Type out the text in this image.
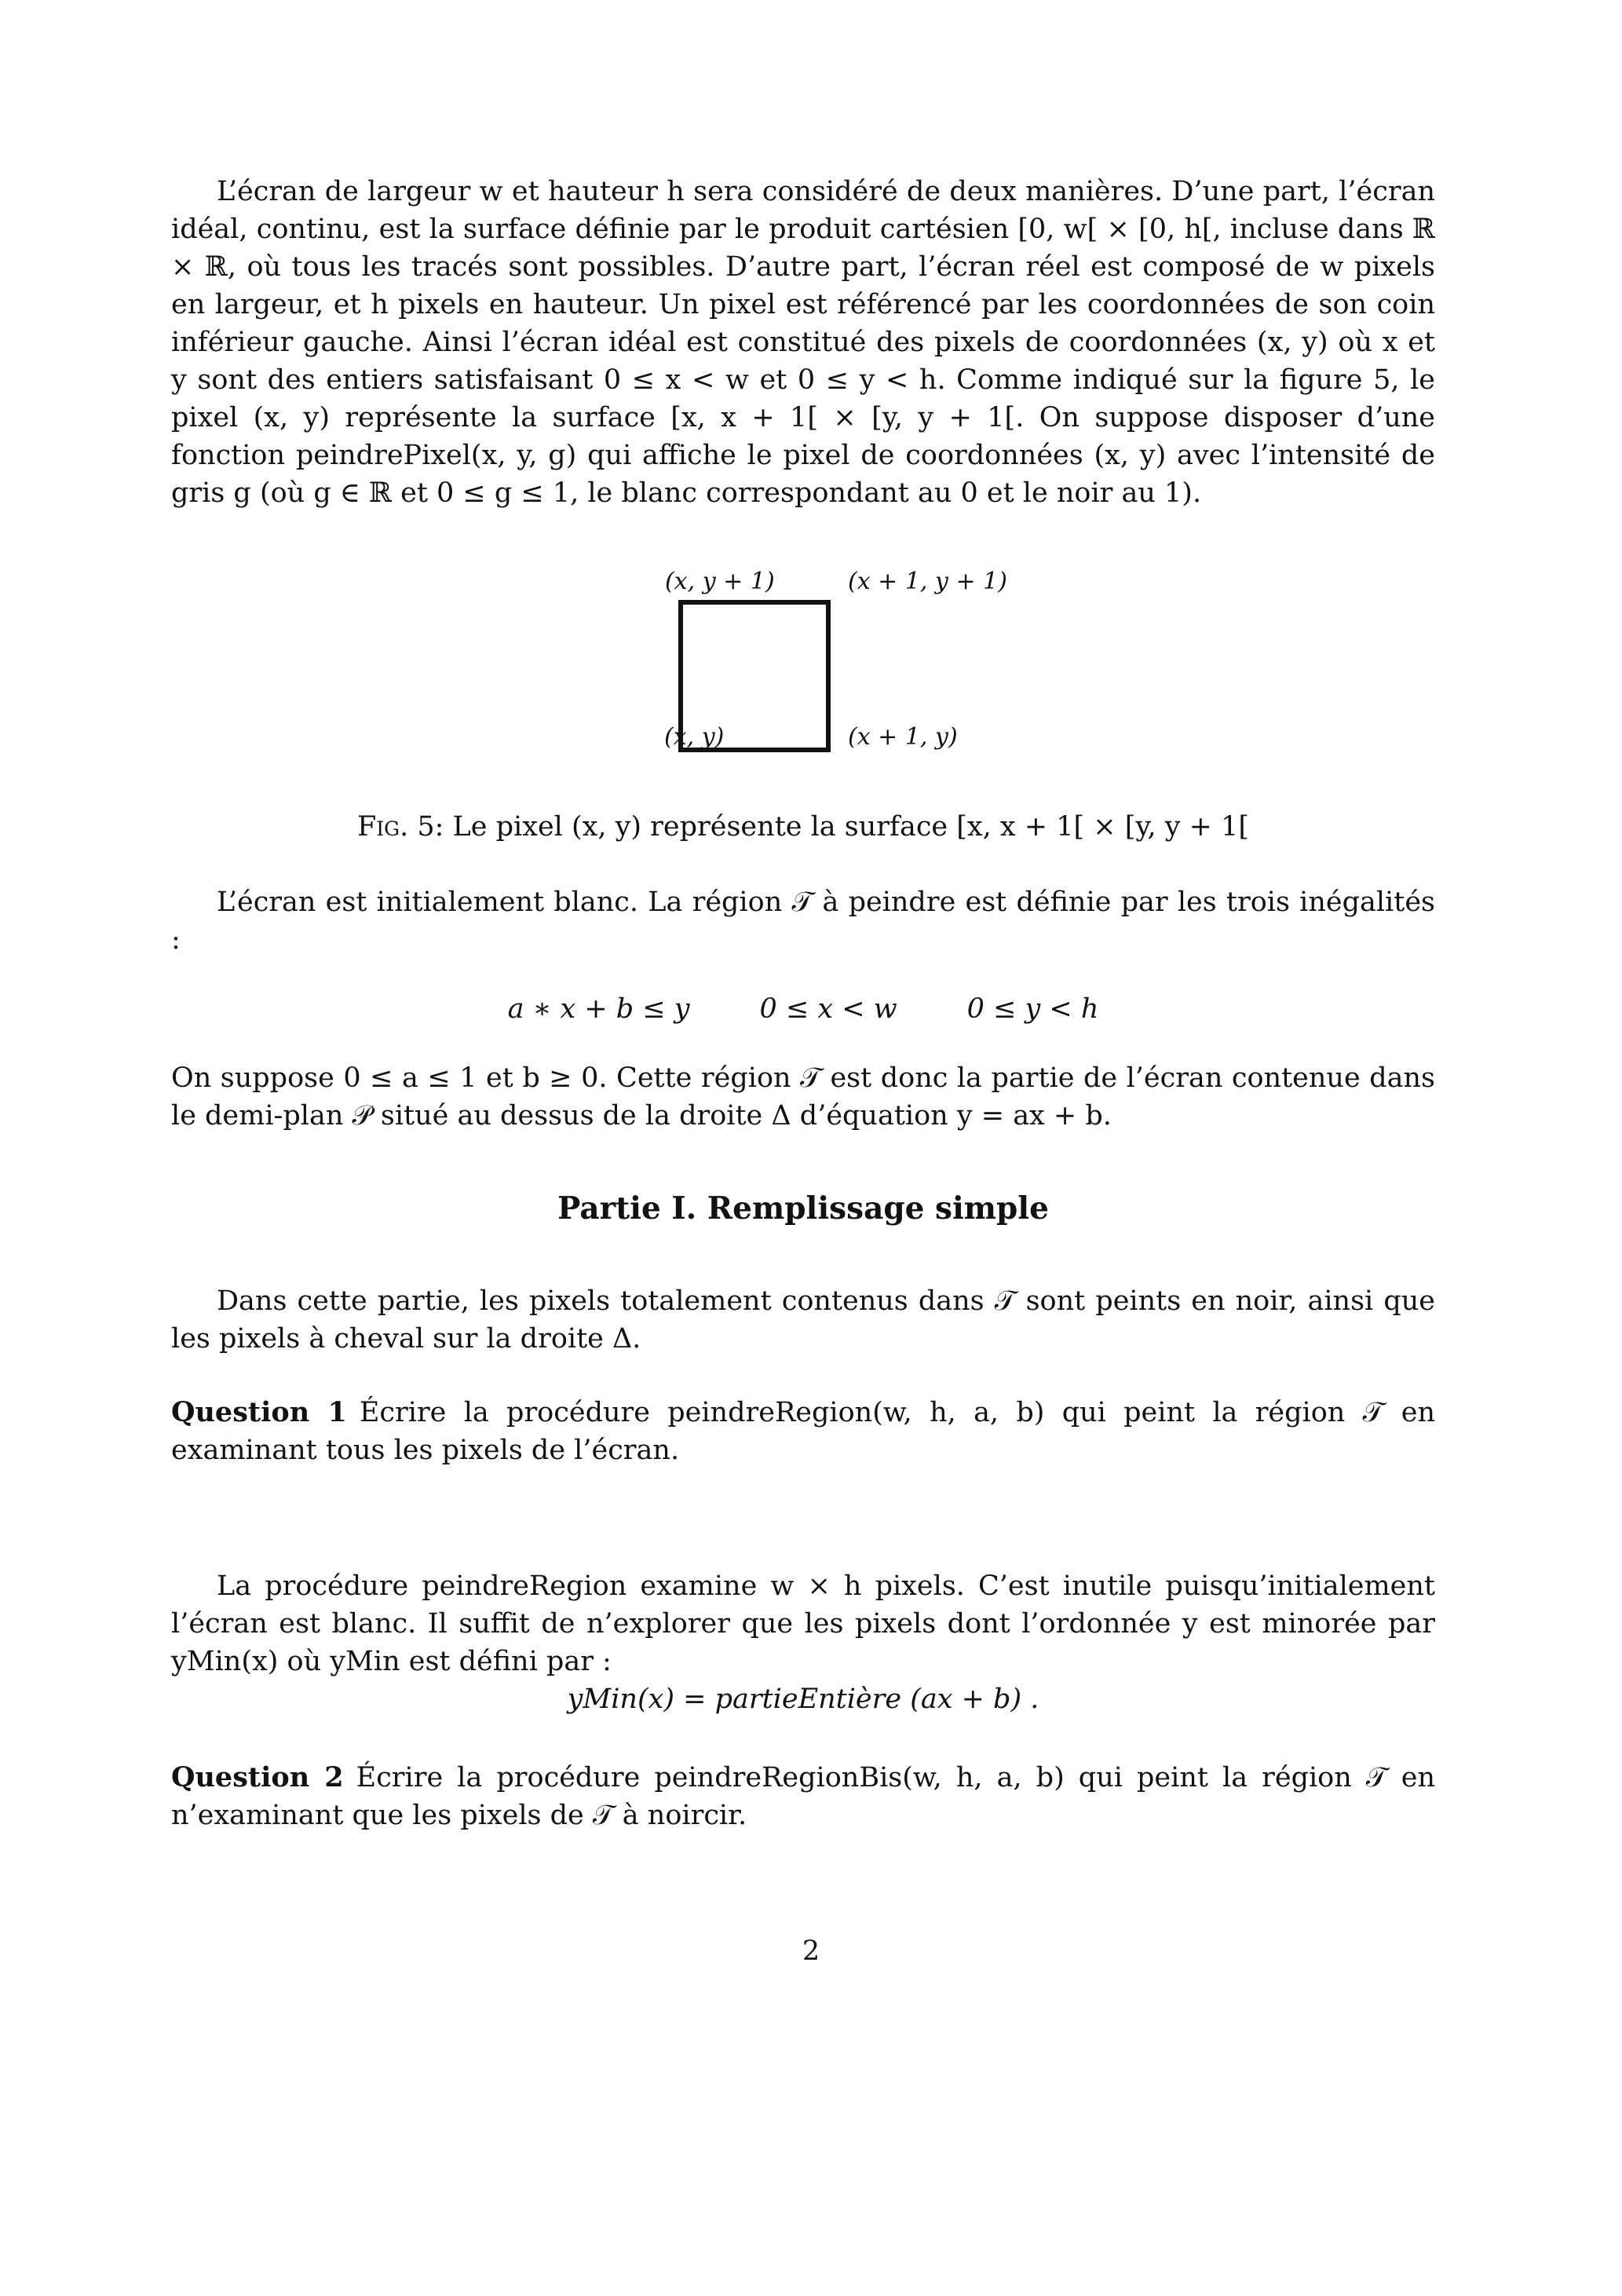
L’écran de largeur w et hauteur h sera considéré de deux manières. D’une part, l’écran idéal, continu, est la surface définie par le produit cartésien [0, w[ × [0, h[, incluse dans ℝ × ℝ, où tous les tracés sont possibles. D’autre part, l’écran réel est composé de w pixels en largeur, et h pixels en hauteur. Un pixel est référencé par les coordonnées de son coin inférieur gauche. Ainsi l’écran idéal est constitué des pixels de coordonnées (x, y) où x et y sont des entiers satisfaisant 0 ≤ x < w et 0 ≤ y < h. Comme indiqué sur la figure 5, le pixel (x, y) représente la surface [x, x + 1[ × [y, y + 1[. On suppose disposer d’une fonction peindrePixel(x, y, g) qui affiche le pixel de coordonnées (x, y) avec l’intensité de gris g (où g ∈ ℝ et 0 ≤ g ≤ 1, le blanc correspondant au 0 et le noir au 1).

(x, y + 1)	(x + 1, y + 1)
(x, y)	(x + 1, y)

Fig. 5: Le pixel (x, y) représente la surface [x, x + 1[ × [y, y + 1[

L’écran est initialement blanc. La région 𝒯 à peindre est définie par les trois inégalités :

a ∗ x + b ≤ y        0 ≤ x < w        0 ≤ y < h

On suppose 0 ≤ a ≤ 1 et b ≥ 0. Cette région 𝒯 est donc la partie de l’écran contenue dans le demi-plan 𝒫 situé au dessus de la droite Δ d’équation y = ax + b.

Partie I. Remplissage simple

Dans cette partie, les pixels totalement contenus dans 𝒯 sont peints en noir, ainsi que les pixels à cheval sur la droite Δ.

Question 1 Écrire la procédure peindreRegion(w, h, a, b) qui peint la région 𝒯 en examinant tous les pixels de l’écran.

La procédure peindreRegion examine w × h pixels. C’est inutile puisqu’initialement l’écran est blanc. Il suffit de n’explorer que les pixels dont l’ordonnée y est minorée par yMin(x) où yMin est défini par :

yMin(x) = partieEntière (ax + b) .

Question 2 Écrire la procédure peindreRegionBis(w, h, a, b) qui peint la région 𝒯 en n’examinant que les pixels de 𝒯 à noircir.

2
